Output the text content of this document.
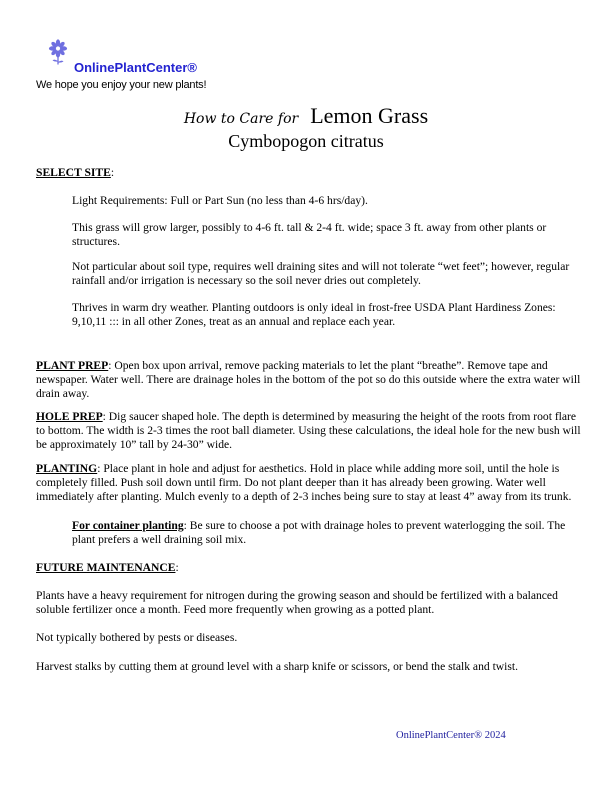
OnlinePlantCenter®
We hope you enjoy your new plants!
How to Care for Lemon Grass
Cymbopogon citratus
SELECT SITE:
Light Requirements: Full or Part Sun (no less than 4-6 hrs/day).
This grass will grow larger, possibly to 4-6 ft. tall & 2-4 ft. wide; space 3 ft. away from other plants or structures.
Not particular about soil type, requires well draining sites and will not tolerate “wet feet”; however, regular rainfall and/or irrigation is necessary so the soil never dries out completely.
Thrives in warm dry weather. Planting outdoors is only ideal in frost-free USDA Plant Hardiness Zones: 9,10,11 ::: in all other Zones, treat as an annual and replace each year.
PLANT PREP: Open box upon arrival, remove packing materials to let the plant “breathe”. Remove tape and newspaper. Water well. There are drainage holes in the bottom of the pot so do this outside where the extra water will drain away.
HOLE PREP: Dig saucer shaped hole. The depth is determined by measuring the height of the roots from root flare to bottom. The width is 2-3 times the root ball diameter. Using these calculations, the ideal hole for the new bush will be approximately 10” tall by 24-30” wide.
PLANTING: Place plant in hole and adjust for aesthetics. Hold in place while adding more soil, until the hole is completely filled. Push soil down until firm. Do not plant deeper than it has already been growing. Water well immediately after planting. Mulch evenly to a depth of 2-3 inches being sure to stay at least 4” away from its trunk.
For container planting: Be sure to choose a pot with drainage holes to prevent waterlogging the soil. The plant prefers a well draining soil mix.
FUTURE MAINTENANCE:
Plants have a heavy requirement for nitrogen during the growing season and should be fertilized with a balanced soluble fertilizer once a month. Feed more frequently when growing as a potted plant.
Not typically bothered by pests or diseases.
Harvest stalks by cutting them at ground level with a sharp knife or scissors, or bend the stalk and twist.
OnlinePlantCenter® 2024
